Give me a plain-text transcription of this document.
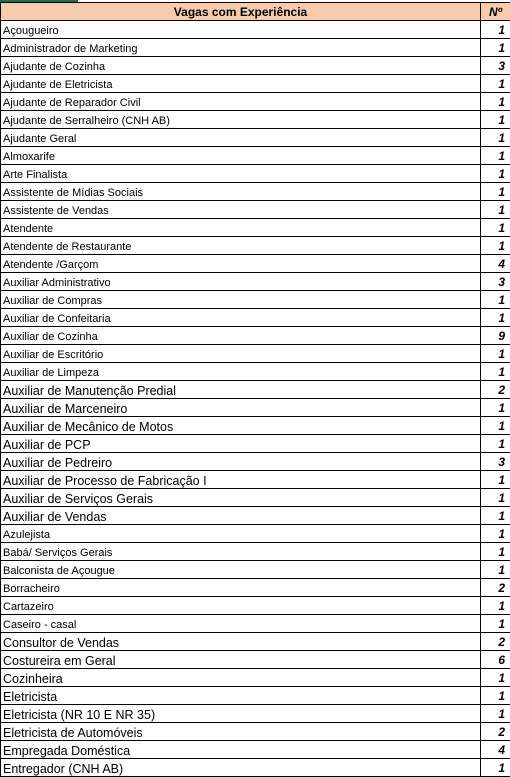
Vagas com Experiência	Nº
Açougueiro	1
Administrador de Marketing	1
Ajudante de Cozinha	3
Ajudante de Eletricista	1
Ajudante de Reparador Civil	1
Ajudante de Serralheiro (CNH AB)	1
Ajudante Geral	1
Almoxarife	1
Arte Finalista	1
Assistente de Mídias Sociais	1
Assistente de Vendas	1
Atendente	1
Atendente de Restaurante	1
Atendente /Garçom	4
Auxiliar Administrativo	3
Auxiliar de Compras	1
Auxiliar de Confeitaria	1
Auxiliar de Cozinha	9
Auxiliar de Escritório	1
Auxiliar de Limpeza	1
Auxiliar de Manutenção Predial	2
Auxiliar de Marceneiro	1
Auxiliar de Mecânico de Motos	1
Auxiliar de PCP	1
Auxiliar de Pedreiro	3
Auxiliar de Processo de Fabricação I	1
Auxiliar de Serviços Gerais	1
Auxiliar de Vendas	1
Azulejista	1
Babá/ Serviços Gerais	1
Balconista de Açougue	1
Borracheiro	2
Cartazeiro	1
Caseiro - casal	1
Consultor de Vendas	2
Costureira em Geral	6
Cozinheira	1
Eletricista	1
Eletricista (NR 10 E NR 35)	1
Eletricista de Automóveis	2
Empregada Doméstica	4
Entregador (CNH AB)	1
